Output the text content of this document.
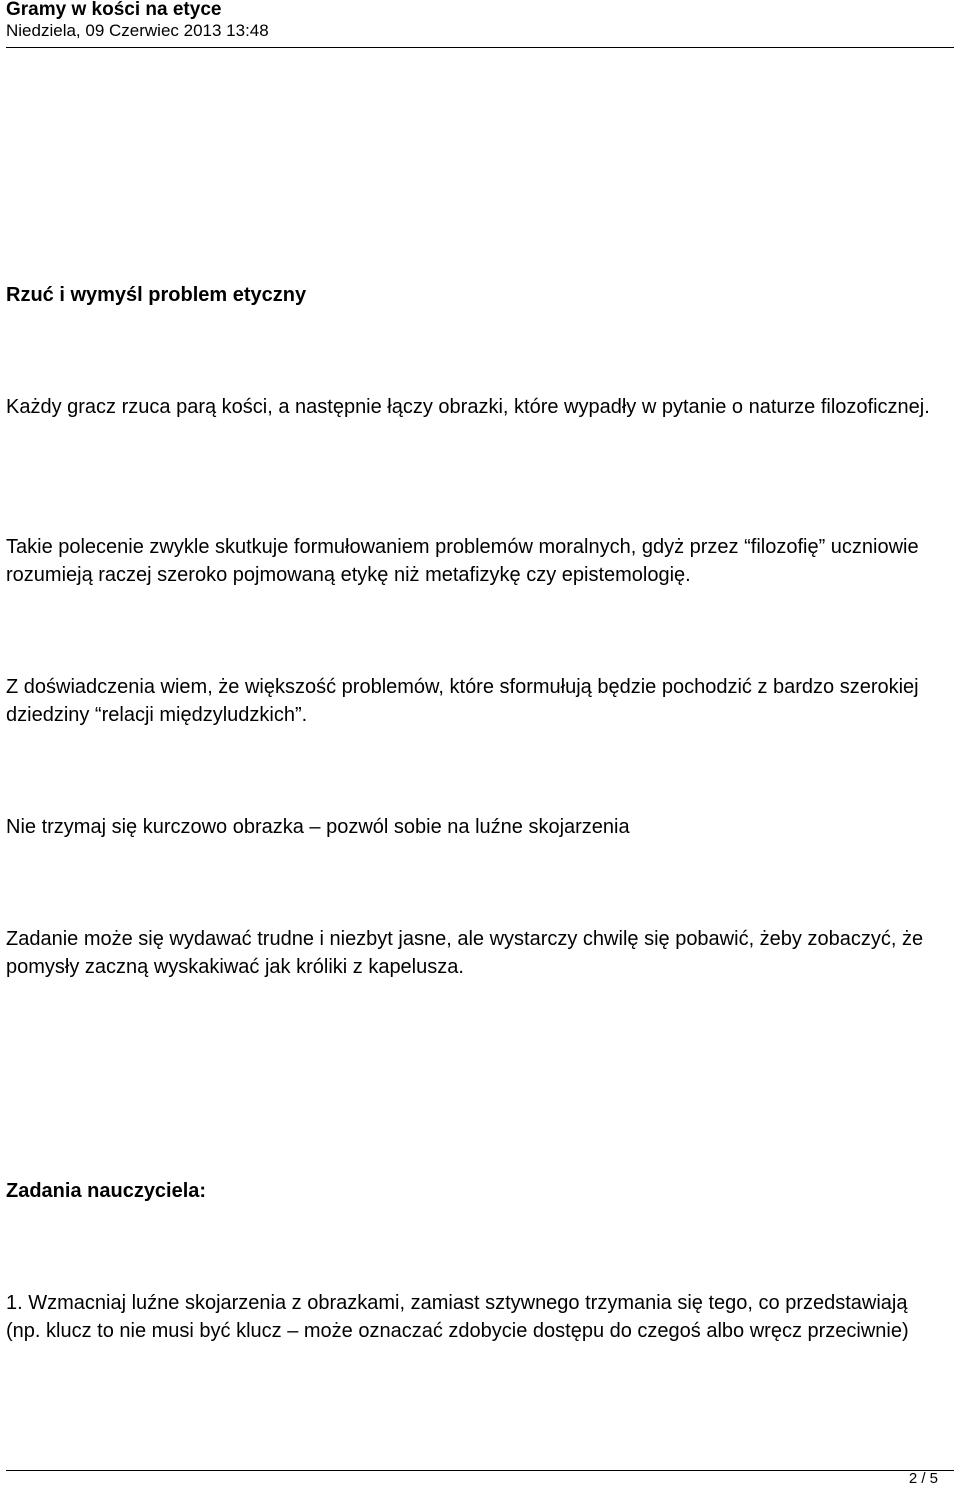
Gramy w kości na etyce
Niedziela, 09 Czerwiec 2013 13:48

Rzuć i wymyśl problem etyczny

Każdy gracz rzuca parą kości, a następnie łączy obrazki, które wypadły w pytanie o naturze filozoficznej.

Takie polecenie zwykle skutkuje formułowaniem problemów moralnych, gdyż przez “filozofię” uczniowie rozumieją raczej szeroko pojmowaną etykę niż metafizykę czy epistemologię.

Z doświadczenia wiem, że większość problemów, które sformułują będzie pochodzić z bardzo szerokiej dziedziny “relacji międzyludzkich”.

Nie trzymaj się kurczowo obrazka – pozwól sobie na luźne skojarzenia

Zadanie może się wydawać trudne i niezbyt jasne, ale wystarczy chwilę się pobawić, żeby zobaczyć, że pomysły zaczną wyskakiwać jak króliki z kapelusza.

Zadania nauczyciela:

1. Wzmacniaj luźne skojarzenia z obrazkami, zamiast sztywnego trzymania się tego, co przedstawiają (np. klucz to nie musi być klucz – może oznaczać zdobycie dostępu do czegoś albo wręcz przeciwnie)

2 / 5
